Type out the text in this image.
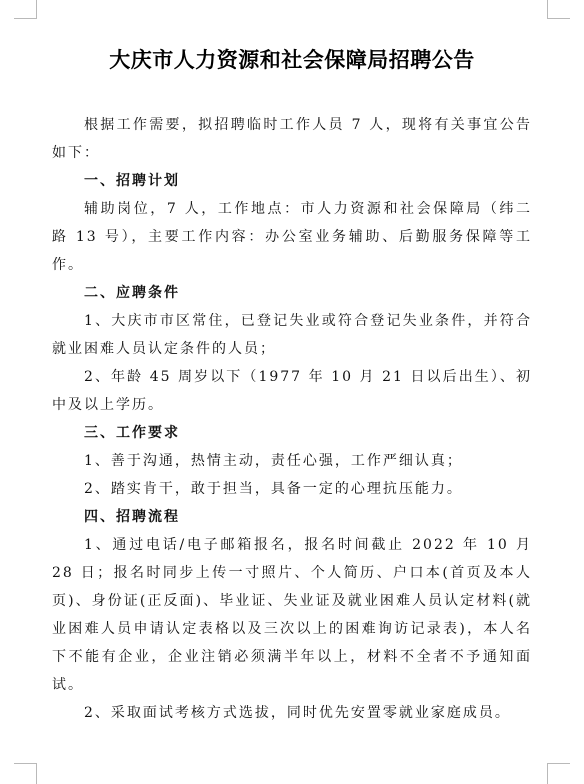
大庆市人力资源和社会保障局招聘公告

根据工作需要，拟招聘临时工作人员 7 人，现将有关事宜公告如下：

一、招聘计划

辅助岗位，7 人，工作地点：市人力资源和社会保障局（纬二路 13 号），主要工作内容：办公室业务辅助、后勤服务保障等工作。

二、应聘条件

1、大庆市市区常住，已登记失业或符合登记失业条件，并符合就业困难人员认定条件的人员；

2、年龄 45 周岁以下（1977 年 10 月 21 日以后出生）、初中及以上学历。

三、工作要求

1、善于沟通，热情主动，责任心强，工作严细认真；

2、踏实肯干，敢于担当，具备一定的心理抗压能力。

四、招聘流程

1、通过电话/电子邮箱报名，报名时间截止 2022 年 10 月 28 日；报名时同步上传一寸照片、个人简历、户口本(首页及本人页)、身份证(正反面)、毕业证、失业证及就业困难人员认定材料(就业困难人员申请认定表格以及三次以上的困难询访记录表)，本人名下不能有企业，企业注销必须满半年以上，材料不全者不予通知面试。

2、采取面试考核方式选拔，同时优先安置零就业家庭成员。
